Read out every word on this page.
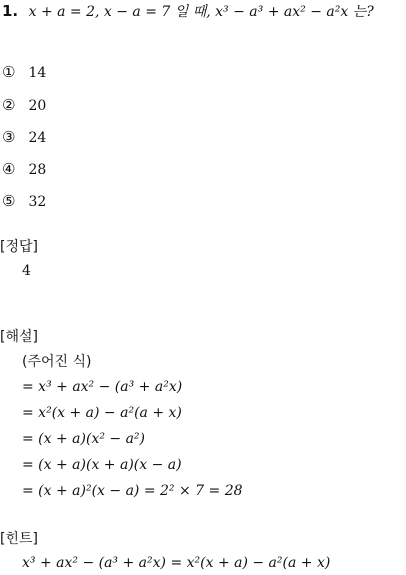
1. x + a = 2, x − a = 7 일 때, x³ − a³ + ax² − a²x 는?
① 14
② 20
③ 24
④ 28
⑤ 32
[정답]
4
[해설]
(주어진 식)
= x³ + ax² − (a³ + a²x)
= x²(x + a) − a²(a + x)
= (x + a)(x² − a²)
= (x + a)(x + a)(x − a)
= (x + a)²(x − a) = 2² × 7 = 28
[힌트]
x³ + ax² − (a³ + a²x) = x²(x + a) − a²(a + x)
